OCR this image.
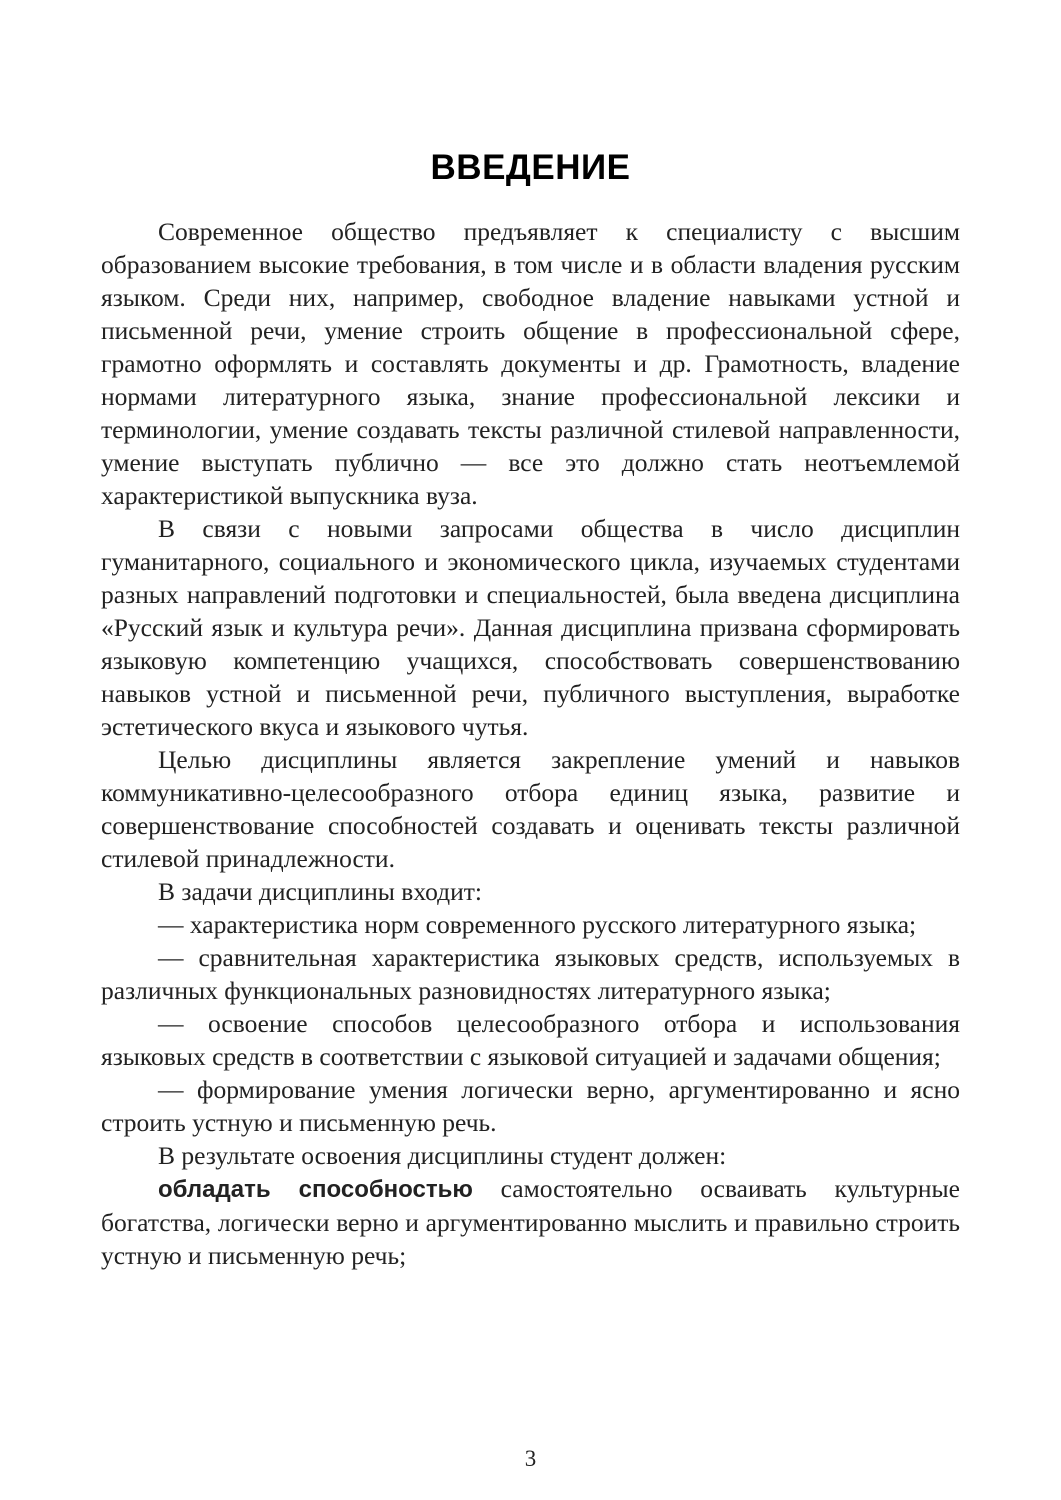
ВВЕДЕНИЕ

Современное общество предъявляет к специалисту с высшим образованием высокие требования, в том числе и в области владения русским языком. Среди них, например, свободное владение навыками устной и письменной речи, умение строить общение в профессиональной сфере, грамотно оформлять и составлять документы и др. Грамотность, владение нормами литературного языка, знание профессиональной лексики и терминологии, умение создавать тексты различной стилевой направленности, умение выступать публично — все это должно стать неотъемлемой характеристикой выпускника вуза.

В связи с новыми запросами общества в число дисциплин гуманитарного, социального и экономического цикла, изучаемых студентами разных направлений подготовки и специальностей, была введена дисциплина «Русский язык и культура речи». Данная дисциплина призвана сформировать языковую компетенцию учащихся, способствовать совершенствованию навыков устной и письменной речи, публичного выступления, выработке эстетического вкуса и языкового чутья.

Целью дисциплины является закрепление умений и навыков коммуникативно-целесообразного отбора единиц языка, развитие и совершенствование способностей создавать и оценивать тексты различной стилевой принадлежности.

В задачи дисциплины входит:

— характеристика норм современного русского литературного языка;

— сравнительная характеристика языковых средств, используемых в различных функциональных разновидностях литературного языка;

— освоение способов целесообразного отбора и использования языковых средств в соответствии с языковой ситуацией и задачами общения;

— формирование умения логически верно, аргументированно и ясно строить устную и письменную речь.

В результате освоения дисциплины студент должен:

обладать способностью самостоятельно осваивать культурные богатства, логически верно и аргументированно мыслить и правильно строить устную и письменную речь;

3
